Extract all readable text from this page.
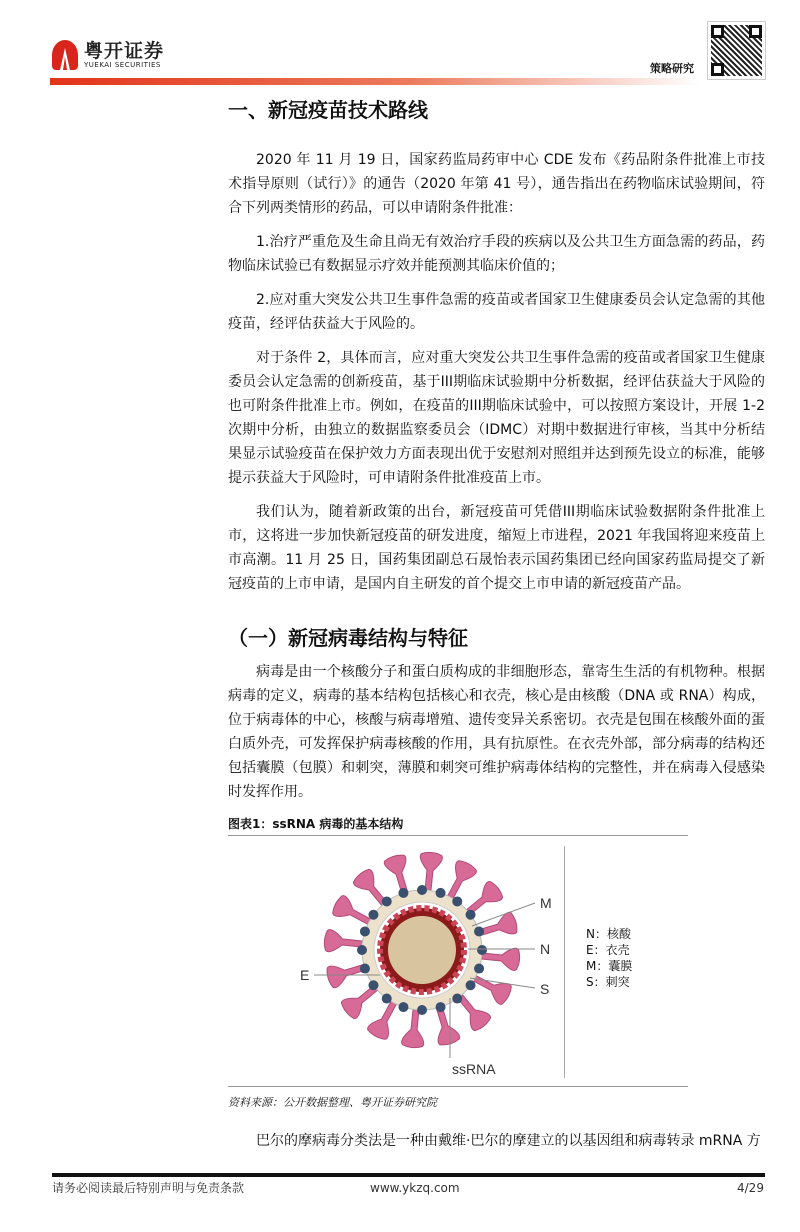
粤开证券
YUEKAI SECURITIES	策略研究
一、新冠疫苗技术路线

2020 年 11 月 19 日，国家药监局药审中心 CDE 发布《药品附条件批准上市技术指导原则（试行）》的通告（2020 年第 41 号），通告指出在药物临床试验期间，符合下列两类情形的药品，可以申请附条件批准：

1.治疗严重危及生命且尚无有效治疗手段的疾病以及公共卫生方面急需的药品，药物临床试验已有数据显示疗效并能预测其临床价值的；

2.应对重大突发公共卫生事件急需的疫苗或者国家卫生健康委员会认定急需的其他疫苗，经评估获益大于风险的。

对于条件 2，具体而言，应对重大突发公共卫生事件急需的疫苗或者国家卫生健康委员会认定急需的创新疫苗，基于III期临床试验期中分析数据，经评估获益大于风险的也可附条件批准上市。例如，在疫苗的III期临床试验中，可以按照方案设计，开展 1-2 次期中分析，由独立的数据监察委员会（IDMC）对期中数据进行审核，当其中分析结果显示试验疫苗在保护效力方面表现出优于安慰剂对照组并达到预先设立的标准，能够提示获益大于风险时，可申请附条件批准疫苗上市。

我们认为，随着新政策的出台，新冠疫苗可凭借III期临床试验数据附条件批准上市，这将进一步加快新冠疫苗的研发进度，缩短上市进程，2021 年我国将迎来疫苗上市高潮。11 月 25 日，国药集团副总石晟怡表示国药集团已经向国家药监局提交了新冠疫苗的上市申请，是国内自主研发的首个提交上市申请的新冠疫苗产品。

（一）新冠病毒结构与特征

病毒是由一个核酸分子和蛋白质构成的非细胞形态，靠寄生生活的有机物种。根据病毒的定义，病毒的基本结构包括核心和衣壳，核心是由核酸（DNA 或 RNA）构成，位于病毒体的中心，核酸与病毒增殖、遗传变异关系密切。衣壳是包围在核酸外面的蛋白质外壳，可发挥保护病毒核酸的作用，具有抗原性。在衣壳外部，部分病毒的结构还包括囊膜（包膜）和刺突，薄膜和刺突可维护病毒体结构的完整性，并在病毒入侵感染时发挥作用。

图表1：ssRNA 病毒的基本结构
M
N
S
E
ssRNA
N：核酸
E：衣壳
M：囊膜
S：刺突
资料来源：公开数据整理、粤开证券研究院

巴尔的摩病毒分类法是一种由戴维·巴尔的摩建立的以基因组和病毒转录 mRNA 方

请务必阅读最后特别声明与免责条款	www.ykzq.com	4/29
